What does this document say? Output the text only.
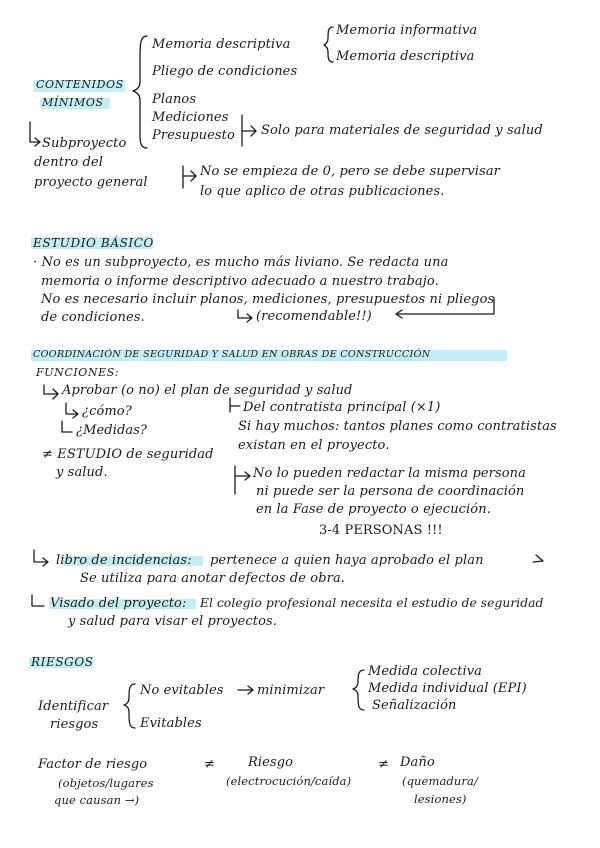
CONTENIDOS
MÍNIMOS
Memoria descriptiva
Pliego de condiciones
Planos
Mediciones
Presupuesto
Memoria informativa
Memoria descriptiva
Solo para materiales de seguridad y salud
Subproyecto
dentro del
proyecto general
No se empieza de 0, pero se debe supervisar
lo que aplico de otras publicaciones.
ESTUDIO BÁSICO
· No es un subproyecto, es mucho más liviano. Se redacta una
memoria o informe descriptivo adecuado a nuestro trabajo.
No es necesario incluir planos, mediciones, presupuestos ni pliegos
de condiciones.	(recomendable!!)
COORDINACIÓN DE SEGURIDAD Y SALUD EN OBRAS DE CONSTRUCCIÓN
FUNCIONES:
Aprobar (o no) el plan de seguridad y salud
¿cómo?
¿Medidas?
≠ ESTUDIO de seguridad
y salud.
Del contratista principal (×1)
Si hay muchos: tantos planes como contratistas
existan en el proyecto.
No lo pueden redactar la misma persona
ni puede ser la persona de coordinación
en la Fase de proyecto o ejecución.
3-4 PERSONAS !!!
libro de incidencias: pertenece a quien haya aprobado el plan
Se utiliza para anotar defectos de obra.
Visado del proyecto: El colegio profesional necesita el estudio de seguridad
y salud para visar el proyectos.
RIESGOS
Identificar
riesgos
No evitables	minimizar
Medida colectiva
Medida individual (EPI)
Señalización
Evitables
Factor de riesgo
(objetos/lugares
que causan →)
≠	Riesgo
(electrocución/caída)
≠ Daño
(quemadura/
lesiones)
